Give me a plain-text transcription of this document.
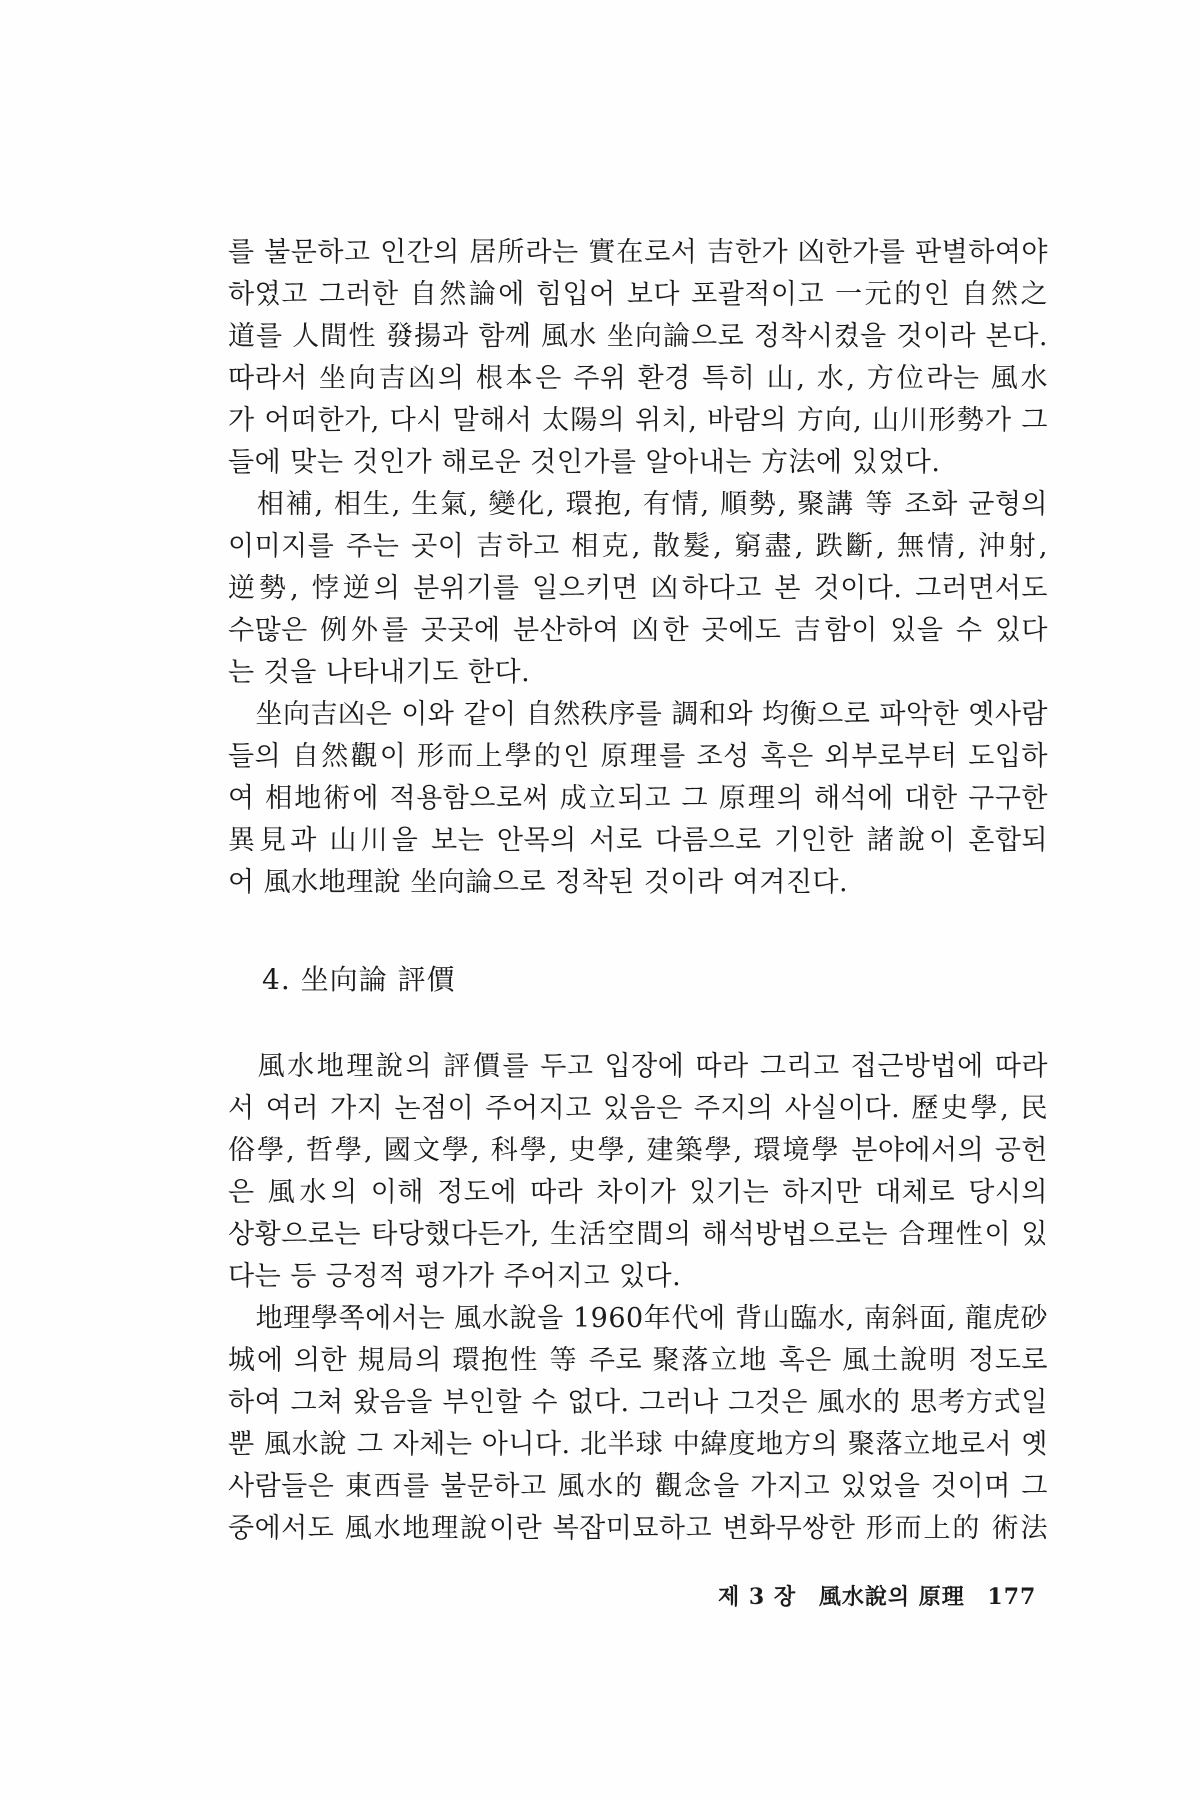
를 불문하고 인간의 居所라는 實在로서 吉한가 凶한가를 판별하여야
하였고 그러한 自然論에 힘입어 보다 포괄적이고 一元的인 自然之
道를 人間性 發揚과 함께 風水 坐向論으로 정착시켰을 것이라 본다.
따라서 坐向吉凶의 根本은 주위 환경 특히 山, 水, 方位라는 風水
가 어떠한가, 다시 말해서 太陽의 위치, 바람의 方向, 山川形勢가 그
들에 맞는 것인가 해로운 것인가를 알아내는 方法에 있었다.
　相補, 相生, 生氣, 變化, 環抱, 有情, 順勢, 聚講 等 조화 균형의
이미지를 주는 곳이 吉하고 相克, 散髮, 窮盡, 跌斷, 無情, 沖射,
逆勢, 悖逆의 분위기를 일으키면 凶하다고 본 것이다. 그러면서도
수많은 例外를 곳곳에 분산하여 凶한 곳에도 吉함이 있을 수 있다
는 것을 나타내기도 한다.
　坐向吉凶은 이와 같이 自然秩序를 調和와 均衡으로 파악한 옛사람
들의 自然觀이 形而上學的인 原理를 조성 혹은 외부로부터 도입하
여 相地術에 적용함으로써 成立되고 그 原理의 해석에 대한 구구한
異見과 山川을 보는 안목의 서로 다름으로 기인한 諸說이 혼합되
어 風水地理說 坐向論으로 정착된 것이라 여겨진다.
4. 坐向論 評價
　風水地理說의 評價를 두고 입장에 따라 그리고 접근방법에 따라
서 여러 가지 논점이 주어지고 있음은 주지의 사실이다. 歷史學, 民
俗學, 哲學, 國文學, 科學, 史學, 建築學, 環境學 분야에서의 공헌
은 風水의 이해 정도에 따라 차이가 있기는 하지만 대체로 당시의
상황으로는 타당했다든가, 生活空間의 해석방법으로는 合理性이 있
다는 등 긍정적 평가가 주어지고 있다.
　地理學쪽에서는 風水說을 1960年代에 背山臨水, 南斜面, 龍虎砂
城에 의한 規局의 環抱性 等 주로 聚落立地 혹은 風土說明 정도로
하여 그쳐 왔음을 부인할 수 없다. 그러나 그것은 風水的 思考方式일
뿐 風水說 그 자체는 아니다. 北半球 中緯度地方의 聚落立地로서 옛
사람들은 東西를 불문하고 風水的 觀念을 가지고 있었을 것이며 그
중에서도 風水地理說이란 복잡미묘하고 변화무쌍한 形而上的 術法
제 3 장 風水說의 原理 177
